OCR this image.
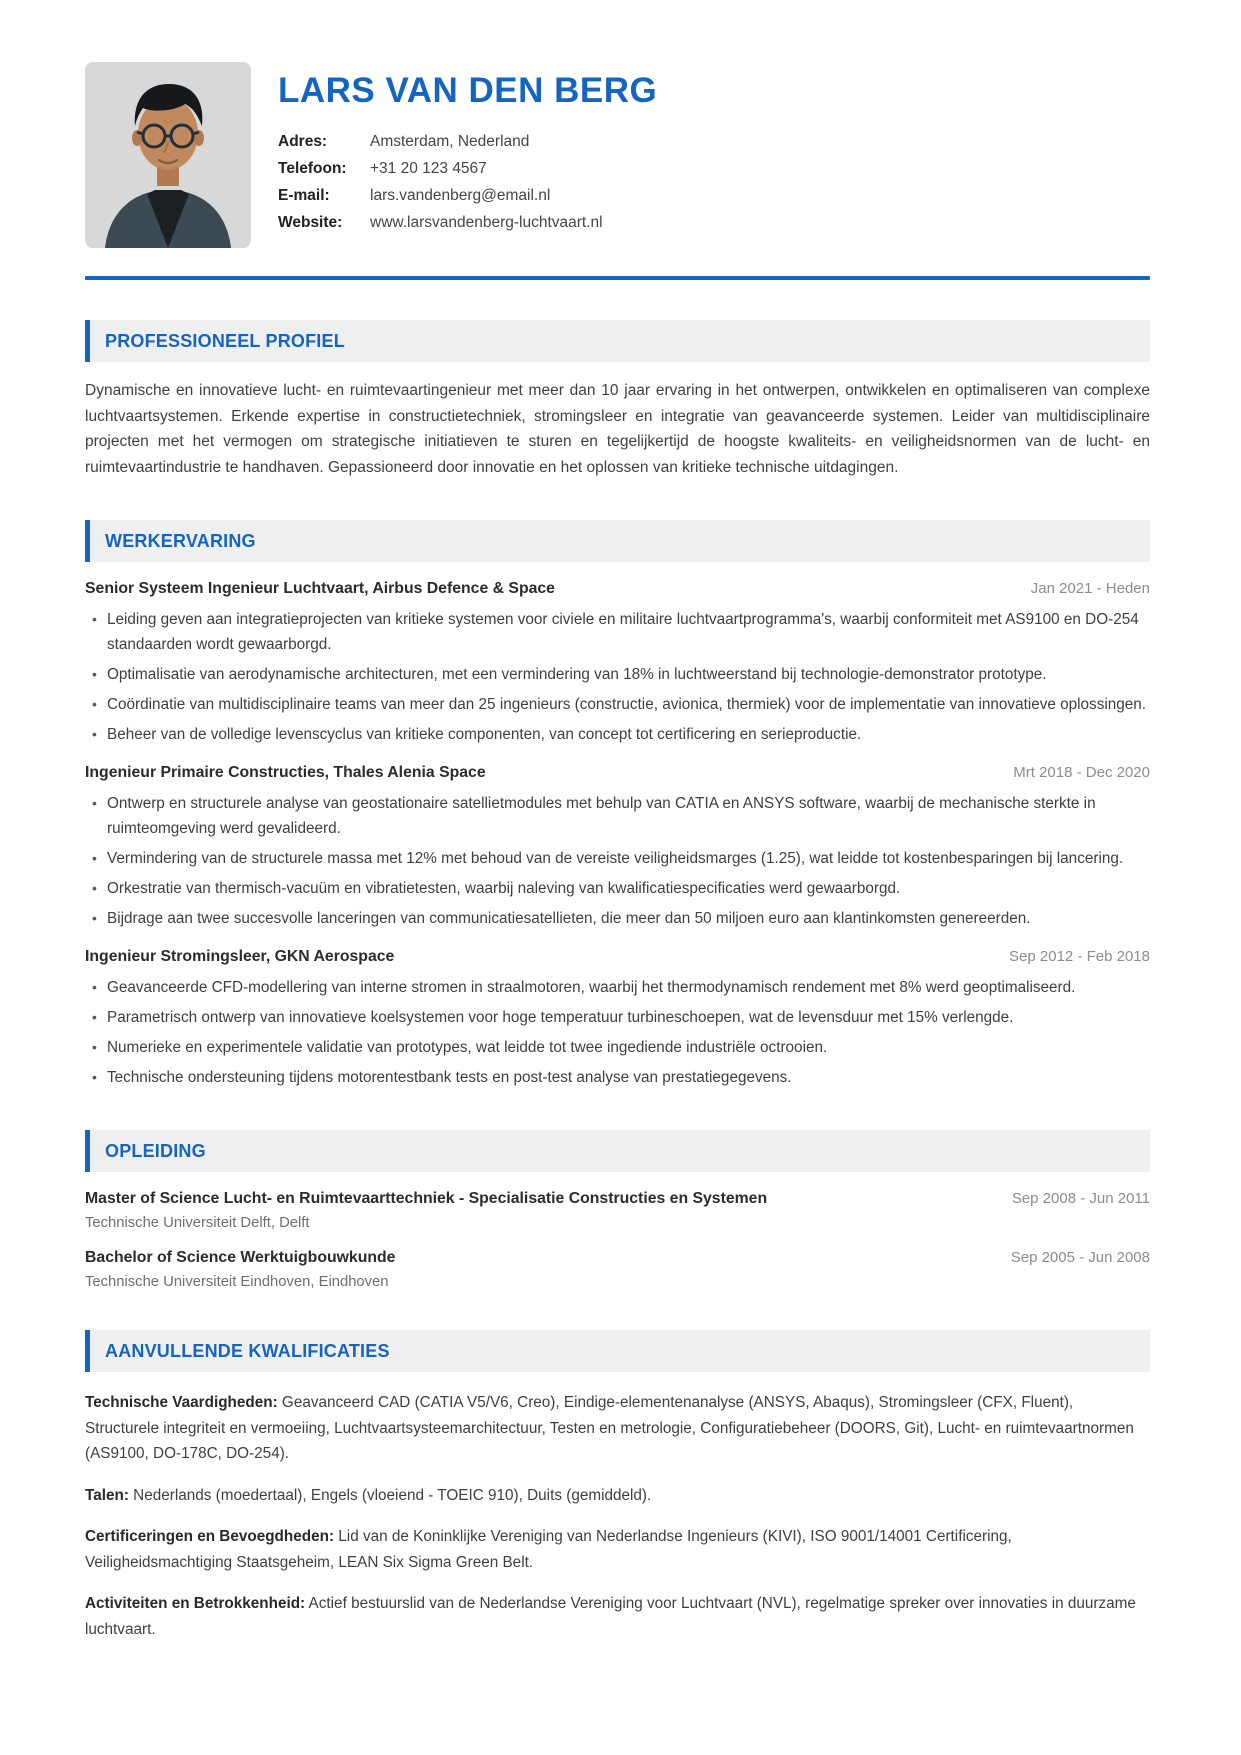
LARS VAN DEN BERG
Adres:	Amsterdam, Nederland
Telefoon:	+31 20 123 4567
E-mail:	lars.vandenberg@email.nl
Website:	www.larsvandenberg-luchtvaart.nl
PROFESSIONEEL PROFIEL

Dynamische en innovatieve lucht- en ruimtevaartingenieur met meer dan 10 jaar ervaring in het ontwerpen, ontwikkelen en optimaliseren van complexe luchtvaartsystemen. Erkende expertise in constructietechniek, stromingsleer en integratie van geavanceerde systemen. Leider van multidisciplinaire projecten met het vermogen om strategische initiatieven te sturen en tegelijkertijd de hoogste kwaliteits- en veiligheidsnormen van de lucht- en ruimtevaartindustrie te handhaven. Gepassioneerd door innovatie en het oplossen van kritieke technische uitdagingen.

WERKERVARING
Senior Systeem Ingenieur Luchtvaart, Airbus Defence & Space	Jan 2021 - Heden
• Leiding geven aan integratieprojecten van kritieke systemen voor civiele en militaire luchtvaartprogramma's, waarbij conformiteit met AS9100 en DO-254 standaarden wordt gewaarborgd.
• Optimalisatie van aerodynamische architecturen, met een vermindering van 18% in luchtweerstand bij technologie-demonstrator prototype.
• Coördinatie van multidisciplinaire teams van meer dan 25 ingenieurs (constructie, avionica, thermiek) voor de implementatie van innovatieve oplossingen.
• Beheer van de volledige levenscyclus van kritieke componenten, van concept tot certificering en serieproductie.
Ingenieur Primaire Constructies, Thales Alenia Space	Mrt 2018 - Dec 2020
• Ontwerp en structurele analyse van geostationaire satellietmodules met behulp van CATIA en ANSYS software, waarbij de mechanische sterkte in ruimteomgeving werd gevalideerd.
• Vermindering van de structurele massa met 12% met behoud van de vereiste veiligheidsmarges (1.25), wat leidde tot kostenbesparingen bij lancering.
• Orkestratie van thermisch-vacuüm en vibratietesten, waarbij naleving van kwalificatiespecificaties werd gewaarborgd.
• Bijdrage aan twee succesvolle lanceringen van communicatiesatellieten, die meer dan 50 miljoen euro aan klantinkomsten genereerden.
Ingenieur Stromingsleer, GKN Aerospace	Sep 2012 - Feb 2018
• Geavanceerde CFD-modellering van interne stromen in straalmotoren, waarbij het thermodynamisch rendement met 8% werd geoptimaliseerd.
• Parametrisch ontwerp van innovatieve koelsystemen voor hoge temperatuur turbineschoepen, wat de levensduur met 15% verlengde.
• Numerieke en experimentele validatie van prototypes, wat leidde tot twee ingediende industriële octrooien.
• Technische ondersteuning tijdens motorentestbank tests en post-test analyse van prestatiegegevens.
OPLEIDING
Master of Science Lucht- en Ruimtevaarttechniek - Specialisatie Constructies en Systemen	Sep 2008 - Jun 2011
Technische Universiteit Delft, Delft
Bachelor of Science Werktuigbouwkunde	Sep 2005 - Jun 2008
Technische Universiteit Eindhoven, Eindhoven
AANVULLENDE KWALIFICATIES

Technische Vaardigheden: Geavanceerd CAD (CATIA V5/V6, Creo), Eindige-elementenanalyse (ANSYS, Abaqus), Stromingsleer (CFX, Fluent), Structurele integriteit en vermoeiing, Luchtvaartsysteemarchitectuur, Testen en metrologie, Configuratiebeheer (DOORS, Git), Lucht- en ruimtevaartnormen (AS9100, DO-178C, DO-254).

Talen: Nederlands (moedertaal), Engels (vloeiend - TOEIC 910), Duits (gemiddeld).

Certificeringen en Bevoegdheden: Lid van de Koninklijke Vereniging van Nederlandse Ingenieurs (KIVI), ISO 9001/14001 Certificering, Veiligheidsmachtiging Staatsgeheim, LEAN Six Sigma Green Belt.

Activiteiten en Betrokkenheid: Actief bestuurslid van de Nederlandse Vereniging voor Luchtvaart (NVL), regelmatige spreker over innovaties in duurzame luchtvaart.
